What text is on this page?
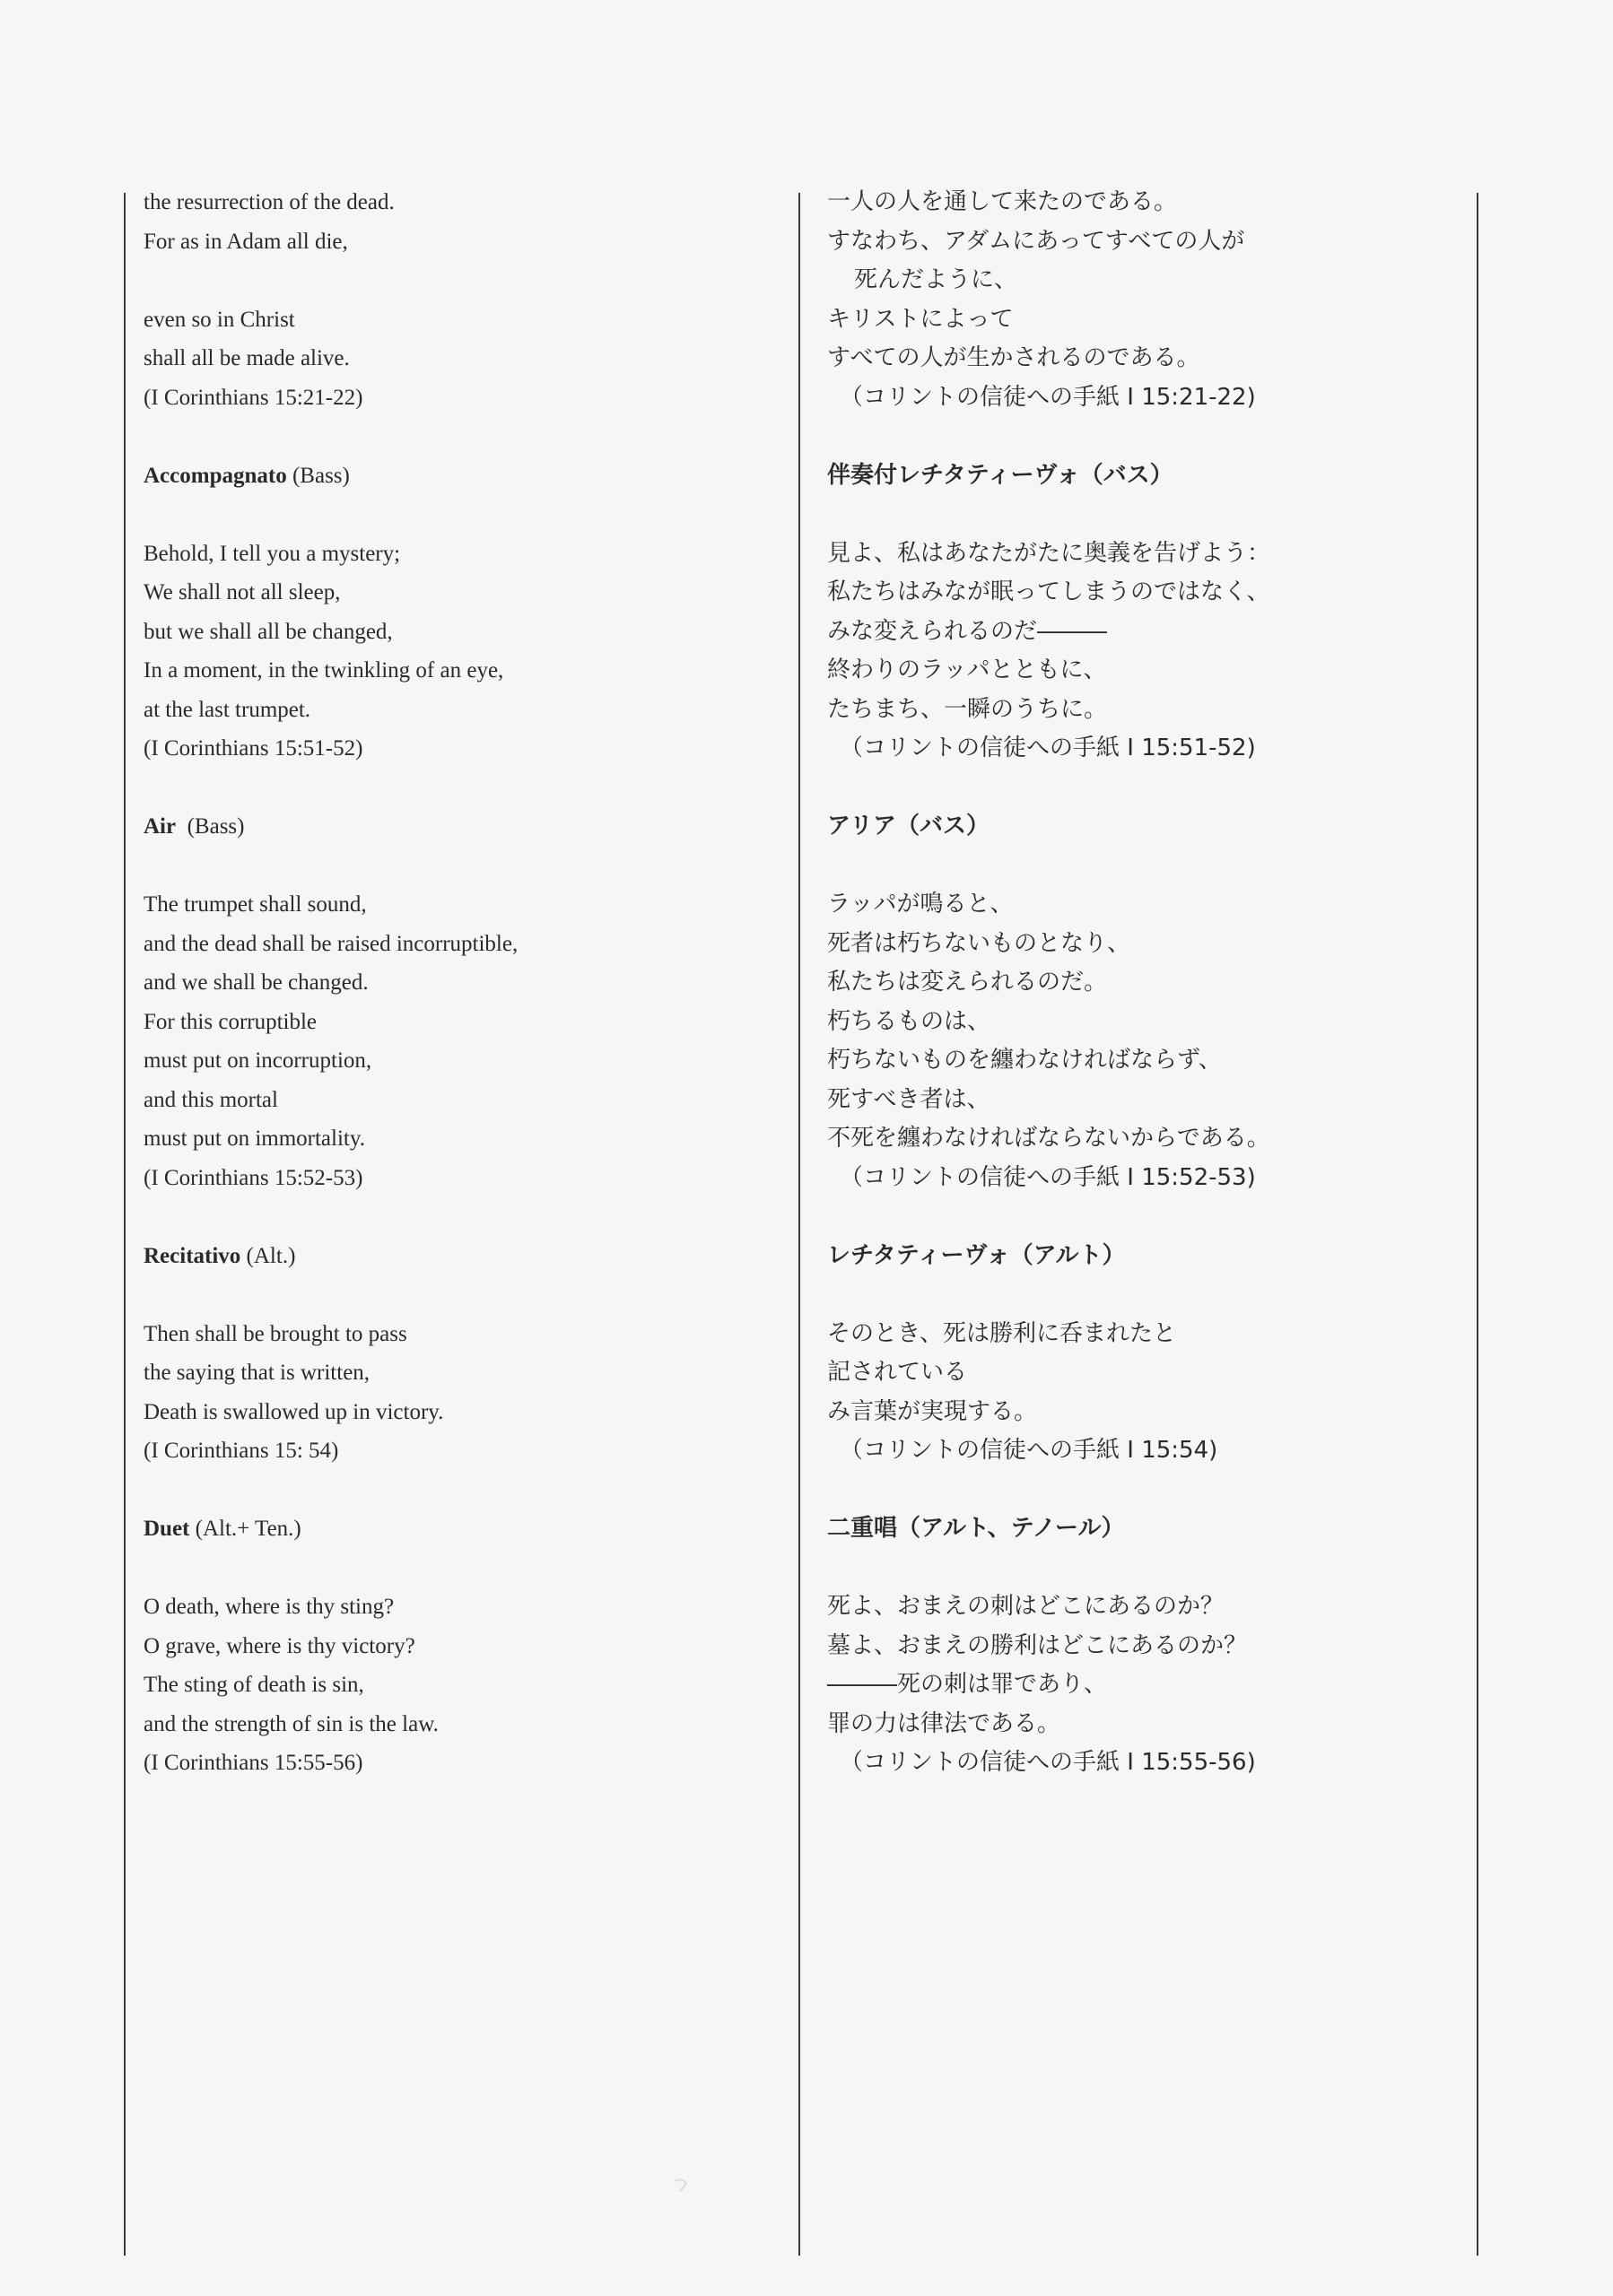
the resurrection of the dead.
For as in Adam all die,
even so in Christ
shall all be made alive.
(I Corinthians 15:21-22)
Accompagnato (Bass)
Behold, I tell you a mystery;
We shall not all sleep,
but we shall all be changed,
In a moment, in the twinkling of an eye,
at the last trumpet.
(I Corinthians 15:51-52)
Air (Bass)
The trumpet shall sound,
and the dead shall be raised incorruptible,
and we shall be changed.
For this corruptible
must put on incorruption,
and this mortal
must put on immortality.
(I Corinthians 15:52-53)
Recitativo (Alt.)
Then shall be brought to pass
the saying that is written,
Death is swallowed up in victory.
(I Corinthians 15: 54)
Duet (Alt.+ Ten.)
O death, where is thy sting?
O grave, where is thy victory?
The sting of death is sin,
and the strength of sin is the law.
(I Corinthians 15:55-56)
一人の人を通して来たのである。
すなわち、アダムにあってすべての人が
死んだように、
キリストによって
すべての人が生かされるのである。
（コリントの信徒への手紙 I 15:21-22)
伴奏付レチタティーヴォ（バス）
見よ、私はあなたがたに奥義を告げよう：
私たちはみなが眠ってしまうのではなく、
みな変えられるのだ―――
終わりのラッパとともに、
たちまち、一瞬のうちに。
（コリントの信徒への手紙 I 15:51-52)
アリア（バス）
ラッパが鳴ると、
死者は朽ちないものとなり、
私たちは変えられるのだ。
朽ちるものは、
朽ちないものを纏わなければならず、
死すべき者は、
不死を纏わなければならないからである。
（コリントの信徒への手紙 I 15:52-53)
レチタティーヴォ（アルト）
そのとき、死は勝利に呑まれたと
記されている
み言葉が実現する。
（コリントの信徒への手紙 I 15:54)
二重唱（アルト、テノール）
死よ、おまえの刺はどこにあるのか？
墓よ、おまえの勝利はどこにあるのか？
―――死の刺は罪であり、
罪の力は律法である。
（コリントの信徒への手紙 I 15:55-56)
